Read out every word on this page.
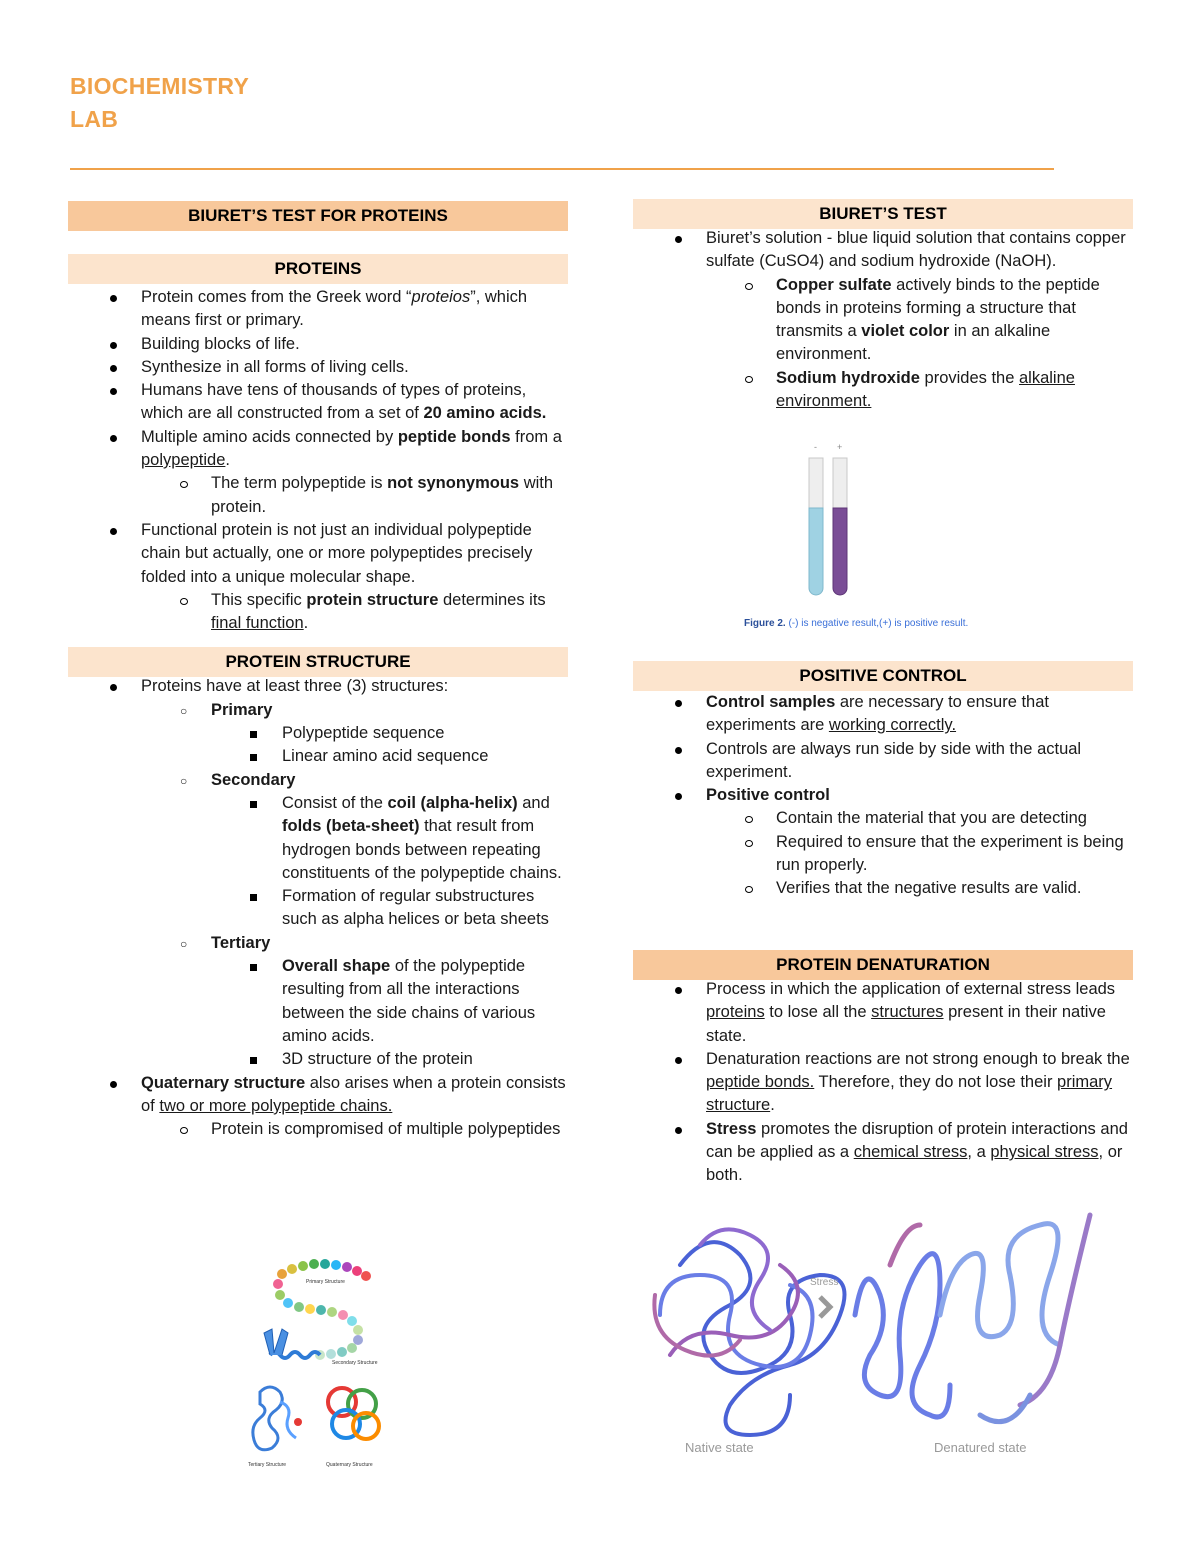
BIOCHEMISTRY
LAB
BIURET’S TEST FOR PROTEINS
PROTEINS
Protein comes from the Greek word “proteios”, which means first or primary.
Building blocks of life.
Synthesize in all forms of living cells.
Humans have tens of thousands of types of proteins, which are all constructed from a set of 20 amino acids.
Multiple amino acids connected by peptide bonds from a polypeptide.
The term polypeptide is not synonymous with protein.
Functional protein is not just an individual polypeptide chain but actually, one or more polypeptides precisely folded into a unique molecular shape.
This specific protein structure determines its final function.
PROTEIN STRUCTURE
Proteins have at least three (3) structures:
○ Primary
Polypeptide sequence
Linear amino acid sequence
○ Secondary
Consist of the coil (alpha-helix) and folds (beta-sheet) that result from hydrogen bonds between repeating constituents of the polypeptide chains.
Formation of regular substructures such as alpha helices or beta sheets
○ Tertiary
Overall shape of the polypeptide resulting from all the interactions between the side chains of various amino acids.
3D structure of the protein
Quaternary structure also arises when a protein consists of two or more polypeptide chains.
Protein is compromised of multiple polypeptides
Primary Structure
Secondary Structure
Tertiary Structure	Quaternary Structure
BIURET’S TEST
Biuret’s solution - blue liquid solution that contains copper sulfate (CuSO4) and sodium hydroxide (NaOH).
Copper sulfate actively binds to the peptide bonds in proteins forming a structure that transmits a violet color in an alkaline environment.
Sodium hydroxide provides the alkaline environment.
- +
Figure 2. (-) is negative result,(+) is positive result.
POSITIVE CONTROL
Control samples are necessary to ensure that experiments are working correctly.
Controls are always run side by side with the actual experiment.
Positive control
Contain the material that you are detecting
Required to ensure that the experiment is being run properly.
Verifies that the negative results are valid.
PROTEIN DENATURATION
Process in which the application of external stress leads proteins to lose all the structures present in their native state.
Denaturation reactions are not strong enough to break the peptide bonds. Therefore, they do not lose their primary structure.
Stress promotes the disruption of protein interactions and can be applied as a chemical stress, a physical stress, or both.
Stress
Native state	Denatured state
